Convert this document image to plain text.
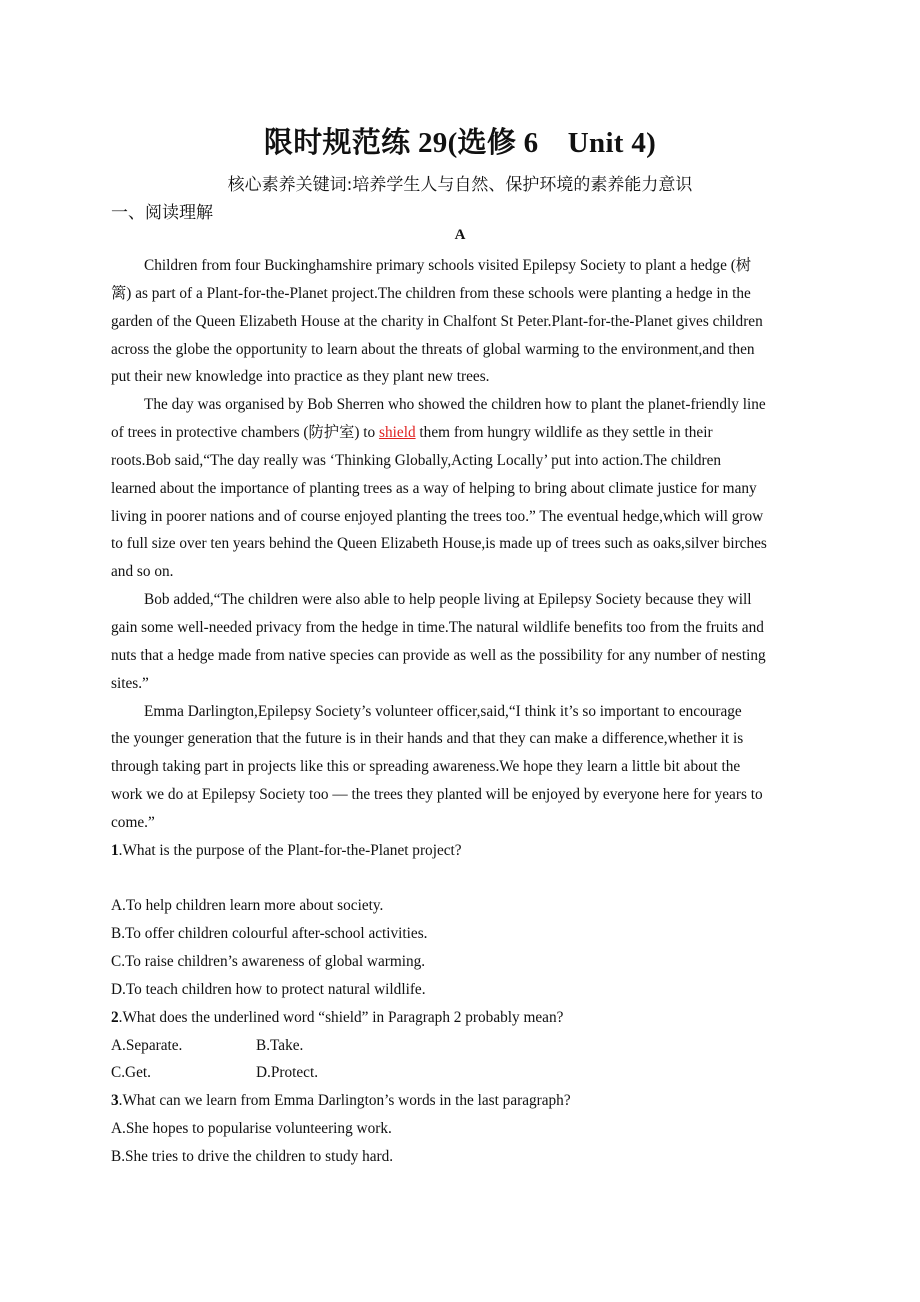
限时规范练 29(选修 6　Unit 4)
核心素养关键词:培养学生人与自然、保护环境的素养能力意识
一、阅读理解
A
Children from four Buckinghamshire primary schools visited Epilepsy Society to plant a hedge (树
篱) as part of a Plant-for-the-Planet project.The children from these schools were planting a hedge in the
garden of the Queen Elizabeth House at the charity in Chalfont St Peter.Plant-for-the-Planet gives children
across the globe the opportunity to learn about the threats of global warming to the environment,and then
put their new knowledge into practice as they plant new trees.
The day was organised by Bob Sherren who showed the children how to plant the planet-friendly line
of trees in protective chambers (防护室) to shield them from hungry wildlife as they settle in their
roots.Bob said,“The day really was ‘Thinking Globally,Acting Locally’ put into action.The children
learned about the importance of planting trees as a way of helping to bring about climate justice for many
living in poorer nations and of course enjoyed planting the trees too.” The eventual hedge,which will grow
to full size over ten years behind the Queen Elizabeth House,is made up of trees such as oaks,silver birches
and so on.
Bob added,“The children were also able to help people living at Epilepsy Society because they will
gain some well-needed privacy from the hedge in time.The natural wildlife benefits too from the fruits and
nuts that a hedge made from native species can provide as well as the possibility for any number of nesting
sites.”
Emma Darlington,Epilepsy Society’s volunteer officer,said,“I think it’s so important to encourage
the younger generation that the future is in their hands and that they can make a difference,whether it is
through taking part in projects like this or spreading awareness.We hope they learn a little bit about the
work we do at Epilepsy Society too — the trees they planted will be enjoyed by everyone here for years to
come.”
1.What is the purpose of the Plant-for-the-Planet project?
A.To help children learn more about society.
B.To offer children colourful after-school activities.
C.To raise children’s awareness of global warming.
D.To teach children how to protect natural wildlife.
2.What does the underlined word “shield” in Paragraph 2 probably mean?
A.Separate.	B.Take.
C.Get.	D.Protect.
3.What can we learn from Emma Darlington’s words in the last paragraph?
A.She hopes to popularise volunteering work.
B.She tries to drive the children to study hard.
